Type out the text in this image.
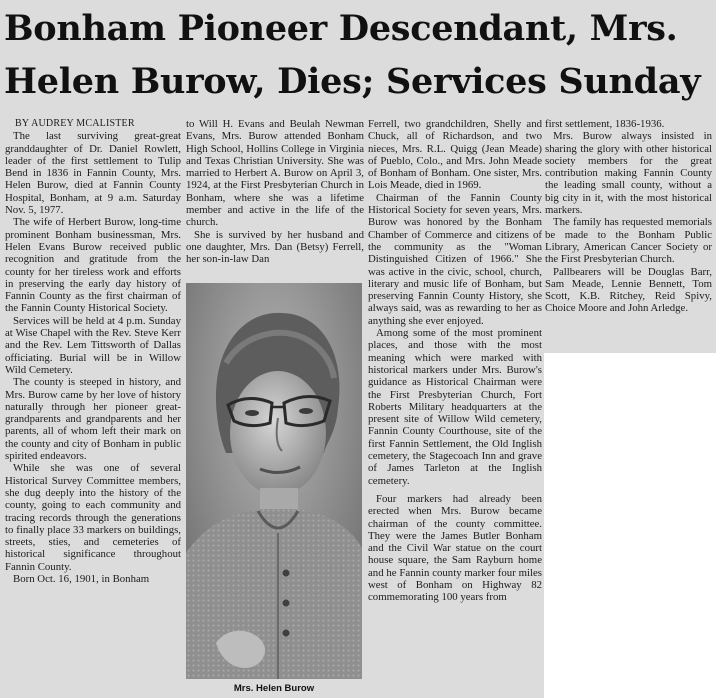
Bonham Pioneer Descendant, Mrs.
Helen Burow, Dies; Services Sunday

BY AUDREY MCALISTER

The last surviving great-great granddaughter of Dr. Daniel Rowlett, leader of the first settlement to Tulip Bend in 1836 in Fannin County, Mrs. Helen Burow, died at Fannin County Hospital, Bonham, at 9 a.m. Saturday Nov. 5, 1977.

The wife of Herbert Burow, long-time prominent Bonham businessman, Mrs. Helen Evans Burow received public recognition and gratitude from the county for her tireless work and efforts in preserving the early day history of Fannin County as the first chairman of the Fannin County Historical Society.

Services will be held at 4 p.m. Sunday at Wise Chapel with the Rev. Steve Kerr and the Rev. Lem Tittsworth of Dallas officiating. Burial will be in Willow Wild Cemetery.

The county is steeped in history, and Mrs. Burow came by her love of history naturally through her pioneer great-grandparents and grandparents and her parents, all of whom left their mark on the county and city of Bonham in public spirited endeavors.

While she was one of several Historical Survey Committee members, she dug deeply into the history of the county, going to each community and tracing records through the generations to finally place 33 markers on buildings, streets, sties, and cemeteries of historical significance throughout Fannin County.

Born Oct. 16, 1901, in Bonham

to Will H. Evans and Beulah Newman Evans, Mrs. Burow attended Bonham High School, Hollins College in Virginia and Texas Christian University. She was married to Herbert A. Burow on April 3, 1924, at the First Presbyterian Church in Bonham, where she was a lifetime member and active in the life of the church.

She is survived by her husband and one daughter, Mrs. Dan (Betsy) Ferrell, her son-in-law Dan

Mrs. Helen Burow

Ferrell, two grandchildren, Shelly and Chuck, all of Richardson, and two nieces, Mrs. R.L. Quigg (Jean Meade) of Pueblo, Colo., and Mrs. John Meade of Bonham of Bonham. One sister, Mrs. Lois Meade, died in 1969.

Chairman of the Fannin County Historical Society for seven years, Mrs. Burow was honored by the Bonham Chamber of Commerce and citizens of the community as the "Woman Distinguished Citizen of 1966." She was active in the civic, school, church, literary and music life of Bonham, but preserving Fannin County History, she always said, was as rewarding to her as anything she ever enjoyed.

Among some of the most prominent places, and those with the most meaning which were marked with historical markers under Mrs. Burow's guidance as Historical Chairman were the First Presbyterian Church, Fort Roberts Military headquarters at the present site of Willow Wild cemetery, Fannin County Courthouse, site of the first Fannin Settlement, the Old Inglish cemetery, the Stagecoach Inn and grave of James Tarleton at the Inglish cemetery.

Four markers had already been erected when Mrs. Burow became chairman of the county committee. They were the James Butler Bonham and the Civil War statue on the court house square, the Sam Rayburn home and he Fannin county marker four miles west of Bonham on Highway 82 commemorating 100 years from

first settlement, 1836-1936.

Mrs. Burow always insisted in sharing the glory with other historical society members for the great contribution making Fannin County the leading small county, without a big city in it, with the most historical markers.

The family has requested memorials be made to the Bonham Public Library, American Cancer Society or the First Presbyterian Church.

Pallbearers will be Douglas Barr, Sam Meade, Lennie Bennett, Tom Scott, K.B. Ritchey, Reid Spivy, Choice Moore and John Arledge.
